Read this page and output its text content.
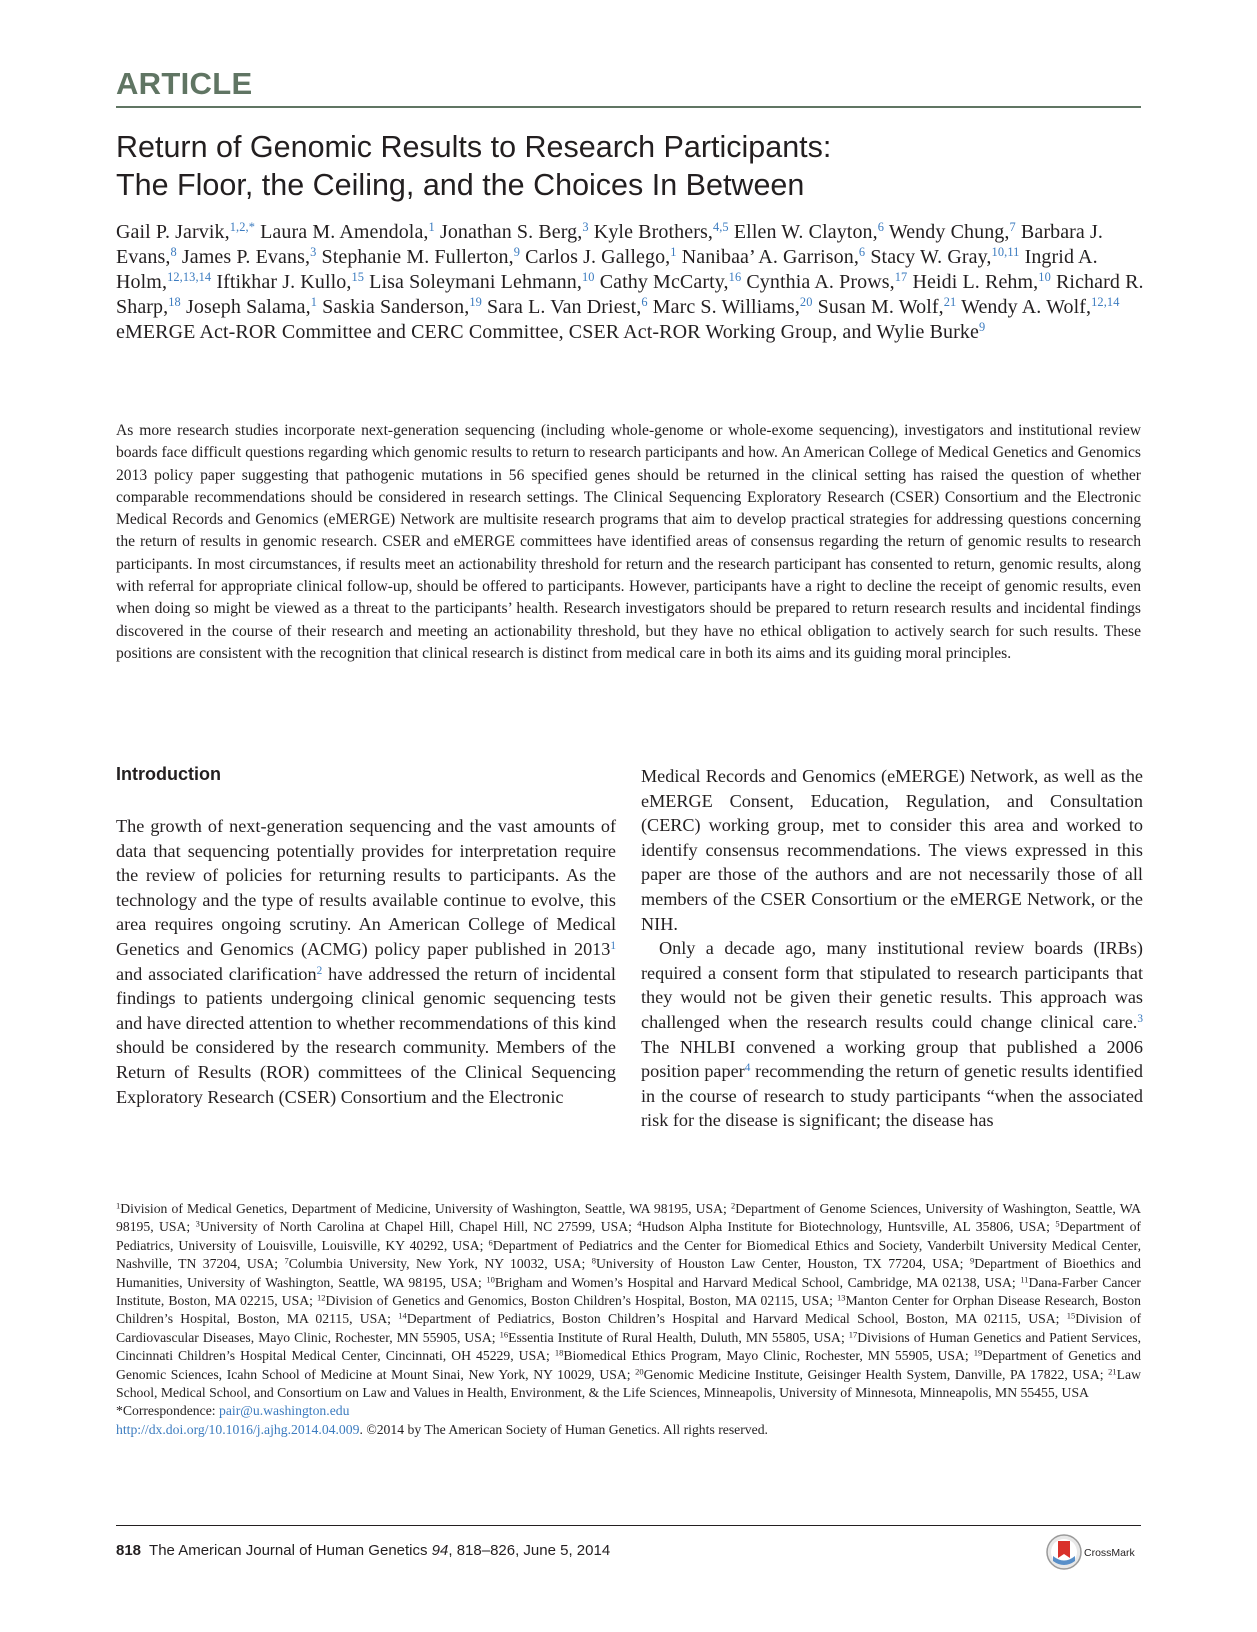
ARTICLE
Return of Genomic Results to Research Participants:
The Floor, the Ceiling, and the Choices In Between
Gail P. Jarvik,$^{1,2,*}$ Laura M. Amendola,$^1$ Jonathan S. Berg,$^3$ Kyle Brothers,$^{4,5}$ Ellen W. Clayton,$^6$ Wendy Chung,$^7$ Barbara J. Evans,$^8$ James P. Evans,$^3$ Stephanie M. Fullerton,$^9$ Carlos J. Gallego,$^1$ Nanibaa’ A. Garrison,$^6$ Stacy W. Gray,$^{10,11}$ Ingrid A. Holm,$^{12,13,14}$ Iftikhar J. Kullo,$^{15}$ Lisa Soleymani Lehmann,$^{10}$ Cathy McCarty,$^{16}$ Cynthia A. Prows,$^{17}$ Heidi L. Rehm,$^{10}$ Richard R. Sharp,$^{18}$ Joseph Salama,$^1$ Saskia Sanderson,$^{19}$ Sara L. Van Driest,$^6$ Marc S. Williams,$^{20}$ Susan M. Wolf,$^{21}$ Wendy A. Wolf,$^{12,14}$ eMERGE Act-ROR Committee and CERC Committee, CSER Act-ROR Working Group, and Wylie Burke$^9$

As more research studies incorporate next-generation sequencing (including whole-genome or whole-exome sequencing), investigators and institutional review boards face difficult questions regarding which genomic results to return to research participants and how. An American College of Medical Genetics and Genomics 2013 policy paper suggesting that pathogenic mutations in 56 specified genes should be returned in the clinical setting has raised the question of whether comparable recommendations should be considered in research settings. The Clinical Sequencing Exploratory Research (CSER) Consortium and the Electronic Medical Records and Genomics (eMERGE) Network are multisite research programs that aim to develop practical strategies for addressing questions concerning the return of results in genomic research. CSER and eMERGE committees have identified areas of consensus regarding the return of genomic results to research participants. In most circumstances, if results meet an actionability threshold for return and the research participant has consented to return, genomic results, along with referral for appropriate clinical follow-up, should be offered to participants. However, participants have a right to decline the receipt of genomic results, even when doing so might be viewed as a threat to the participants’ health. Research investigators should be prepared to return research results and incidental findings discovered in the course of their research and meeting an actionability threshold, but they have no ethical obligation to actively search for such results. These positions are consistent with the recognition that clinical research is distinct from medical care in both its aims and its guiding moral principles.

Introduction

The growth of next-generation sequencing and the vast amounts of data that sequencing potentially provides for interpretation require the review of policies for returning results to participants. As the technology and the type of results available continue to evolve, this area requires ongoing scrutiny. An American College of Medical Genetics and Genomics (ACMG) policy paper published in 2013$^1$ and associated clarification$^2$ have addressed the return of incidental findings to patients undergoing clinical genomic sequencing tests and have directed attention to whether recommendations of this kind should be considered by the research community. Members of the Return of Results (ROR) committees of the Clinical Sequencing Exploratory Research (CSER) Consortium and the Electronic

Medical Records and Genomics (eMERGE) Network, as well as the eMERGE Consent, Education, Regulation, and Consultation (CERC) working group, met to consider this area and worked to identify consensus recommendations. The views expressed in this paper are those of the authors and are not necessarily those of all members of the CSER Consortium or the eMERGE Network, or the NIH.

Only a decade ago, many institutional review boards (IRBs) required a consent form that stipulated to research participants that they would not be given their genetic results. This approach was challenged when the research results could change clinical care.$^3$ The NHLBI convened a working group that published a 2006 position paper$^4$ recommending the return of genetic results identified in the course of research to study participants “when the associated risk for the disease is significant; the disease has

$^1$Division of Medical Genetics, Department of Medicine, University of Washington, Seattle, WA 98195, USA; $^2$Department of Genome Sciences, University of Washington, Seattle, WA 98195, USA; $^3$University of North Carolina at Chapel Hill, Chapel Hill, NC 27599, USA; $^4$Hudson Alpha Institute for Biotechnology, Huntsville, AL 35806, USA; $^5$Department of Pediatrics, University of Louisville, Louisville, KY 40292, USA; $^6$Department of Pediatrics and the Center for Biomedical Ethics and Society, Vanderbilt University Medical Center, Nashville, TN 37204, USA; $^7$Columbia University, New York, NY 10032, USA; $^8$University of Houston Law Center, Houston, TX 77204, USA; $^9$Department of Bioethics and Humanities, University of Washington, Seattle, WA 98195, USA; $^{10}$Brigham and Women’s Hospital and Harvard Medical School, Cambridge, MA 02138, USA; $^{11}$Dana-Farber Cancer Institute, Boston, MA 02215, USA; $^{12}$Division of Genetics and Genomics, Boston Children’s Hospital, Boston, MA 02115, USA; $^{13}$Manton Center for Orphan Disease Research, Boston Children’s Hospital, Boston, MA 02115, USA; $^{14}$Department of Pediatrics, Boston Children’s Hospital and Harvard Medical School, Boston, MA 02115, USA; $^{15}$Division of Cardiovascular Diseases, Mayo Clinic, Rochester, MN 55905, USA; $^{16}$Essentia Institute of Rural Health, Duluth, MN 55805, USA; $^{17}$Divisions of Human Genetics and Patient Services, Cincinnati Children’s Hospital Medical Center, Cincinnati, OH 45229, USA; $^{18}$Biomedical Ethics Program, Mayo Clinic, Rochester, MN 55905, USA; $^{19}$Department of Genetics and Genomic Sciences, Icahn School of Medicine at Mount Sinai, New York, NY 10029, USA; $^{20}$Genomic Medicine Institute, Geisinger Health System, Danville, PA 17822, USA; $^{21}$Law School, Medical School, and Consortium on Law and Values in Health, Environment, & the Life Sciences, Minneapolis, University of Minnesota, Minneapolis, MN 55455, USA

*Correspondence: pair@u.washington.edu

http://dx.doi.org/10.1016/j.ajhg.2014.04.009. ©2014 by The American Society of Human Genetics. All rights reserved.

818 The American Journal of Human Genetics 94, 818–826, June 5, 2014	CrossMark
